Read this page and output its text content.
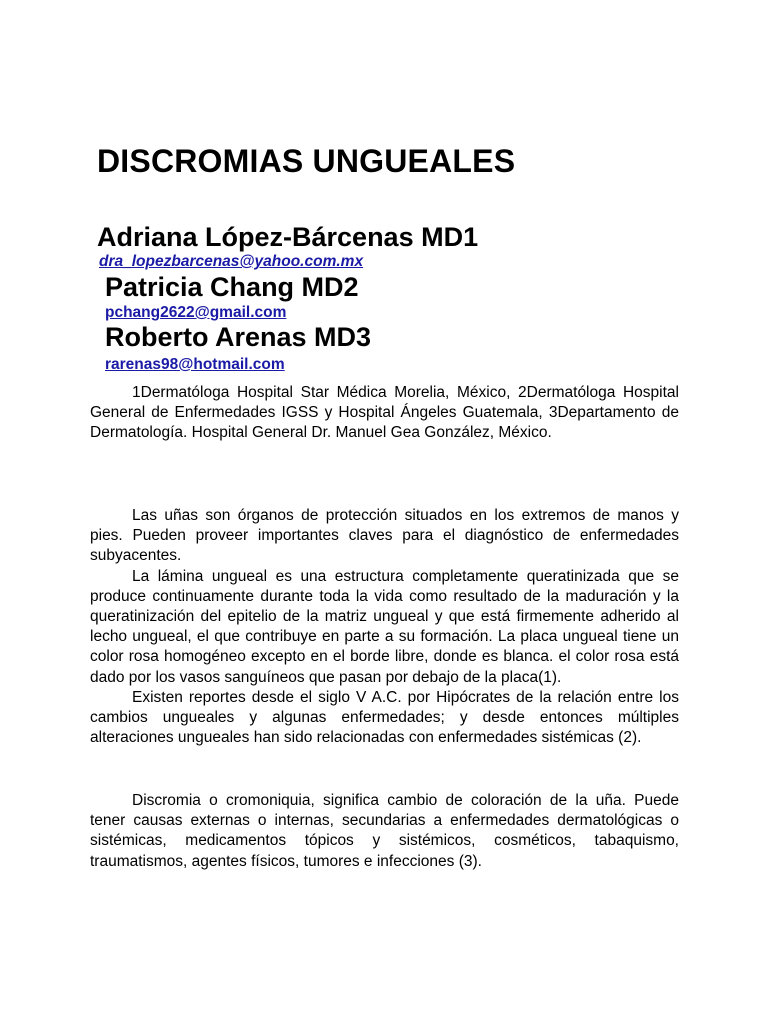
DISCROMIAS UNGUEALES
Adriana López-Bárcenas MD1
dra_lopezbarcenas@yahoo.com.mx
Patricia Chang MD2
pchang2622@gmail.com
Roberto Arenas MD3
rarenas98@hotmail.com

1Dermatóloga Hospital Star Médica Morelia, México, 2Dermatóloga Hospital General de Enfermedades IGSS y Hospital Ángeles Guatemala, 3Departamento de Dermatología. Hospital General Dr. Manuel Gea González, México.

Las uñas son órganos de protección situados en los extremos de manos y pies. Pueden proveer importantes claves para el diagnóstico de enfermedades subyacentes.

La lámina ungueal es una estructura completamente queratinizada que se produce continuamente durante toda la vida como resultado de la maduración y la queratinización del epitelio de la matriz ungueal y que está firmemente adherido al lecho ungueal, el que contribuye en parte a su formación. La placa ungueal tiene un color rosa homogéneo excepto en el borde libre, donde es blanca. el color rosa está dado por los vasos sanguíneos que pasan por debajo de la placa(1).

Existen reportes desde el siglo V A.C. por Hipócrates de la relación entre los cambios ungueales y algunas enfermedades; y desde entonces múltiples alteraciones ungueales han sido relacionadas con enfermedades sistémicas (2).

Discromia o cromoniquia, significa cambio de coloración de la uña. Puede tener causas externas o internas, secundarias a enfermedades dermatológicas o sistémicas, medicamentos tópicos y sistémicos, cosméticos, tabaquismo, traumatismos, agentes físicos, tumores e infecciones (3).
